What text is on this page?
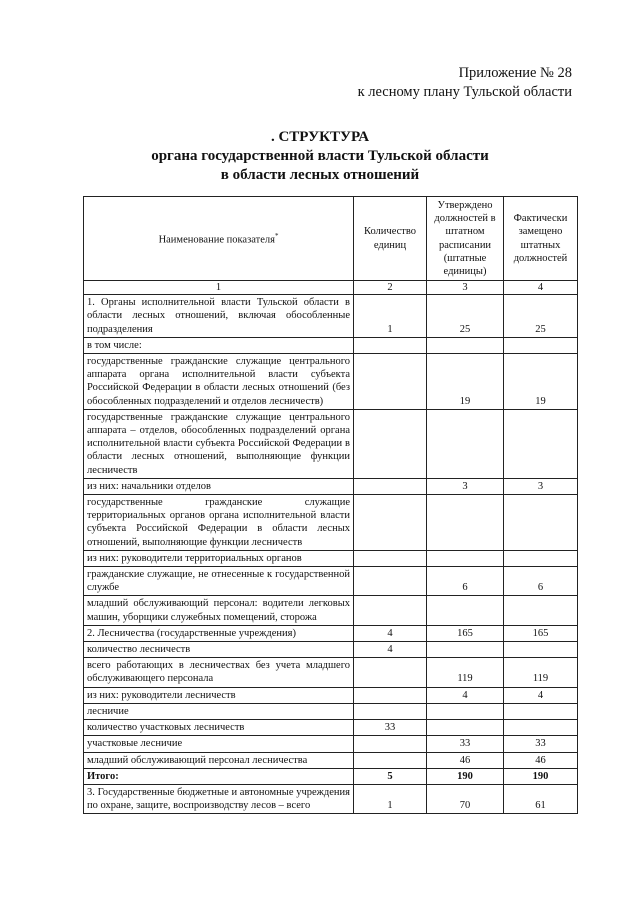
Приложение № 28
к лесному плану Тульской области
. СТРУКТУРА
органа государственной власти Тульской области
в области лесных отношений
Наименование показателя*	Количество единиц	Утверждено должностей в штатном расписании (штатные единицы)	Фактически замещено штатных должностей
1	2	3	4
1. Органы исполнительной власти Тульской области в области лесных отношений, включая обособленные подразделения	1	25	25
в том числе:			
государственные гражданские служащие центрального аппарата органа исполнительной власти субъекта Российской Федерации в области лесных отношений (без обособленных подразделений и отделов лесничеств)		19	19
государственные гражданские служащие центрального аппарата – отделов, обособленных подразделений органа исполнительной власти субъекта Российской Федерации в области лесных отношений, выполняющие функции лесничеств			
из них: начальники отделов		3	3
государственные гражданские служащие территориальных органов органа исполнительной власти субъекта Российской Федерации в области лесных отношений, выполняющие функции лесничеств			
из них: руководители территориальных органов			
гражданские служащие, не отнесенные к государственной службе		6	6
младший обслуживающий персонал: водители легковых машин, уборщики служебных помещений, сторожа			
2. Лесничества (государственные учреждения)	4	165	165
количество лесничеств	4		
всего работающих в лесничествах без учета младшего обслуживающего персонала		119	119
из них: руководители лесничеств		4	4
лесничие			
количество участковых лесничеств	33		
участковые лесничие		33	33
младший обслуживающий персонал лесничества		46	46
Итого:	5	190	190
3. Государственные бюджетные и автономные учреждения по охране, защите, воспроизводству лесов – всего	1	70	61
